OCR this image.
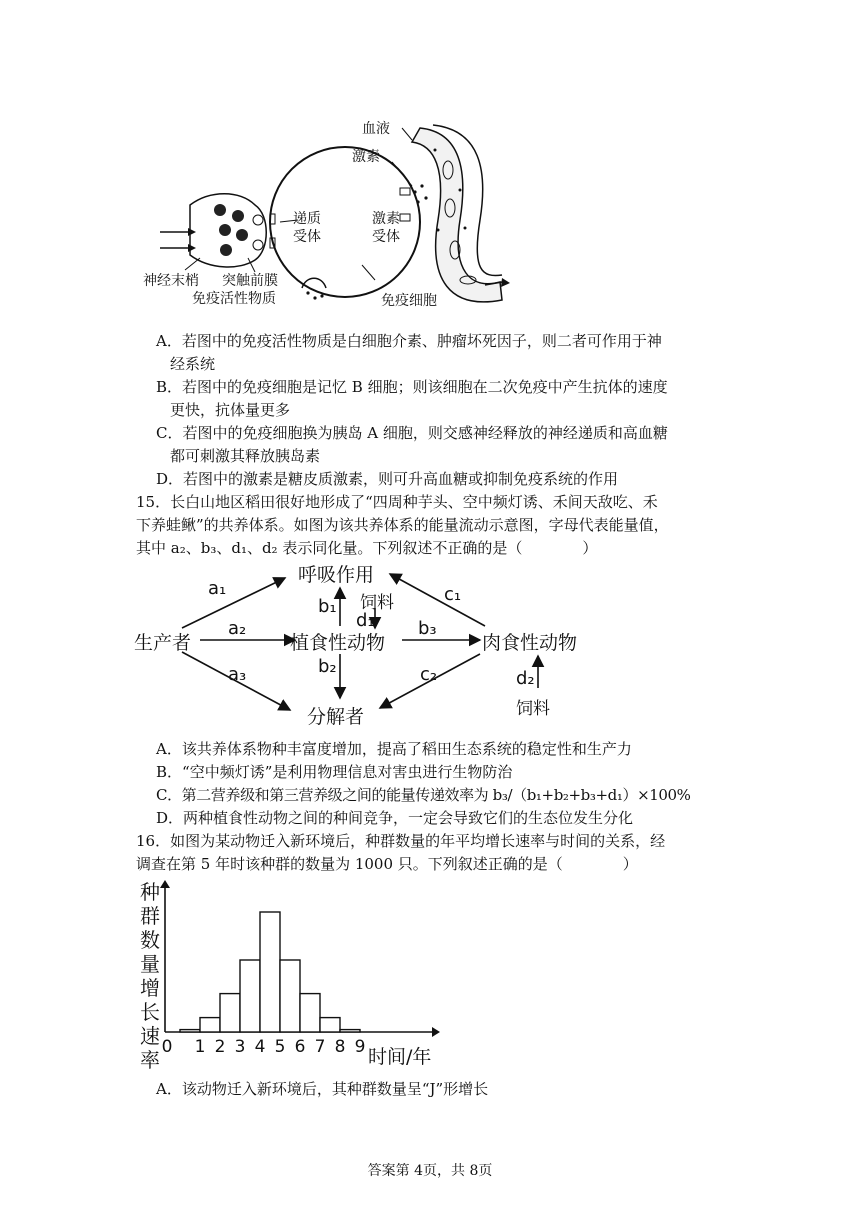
血液
激素
递质
受体
激素
受体
神经末梢 突触前膜
免疫活性物质	免疫细胞
A．若图中的免疫活性物质是白细胞介素、肿瘤坏死因子，则二者可作用于神
经系统
B．若图中的免疫细胞是记忆 B 细胞；则该细胞在二次免疫中产生抗体的速度
更快，抗体量更多
C．若图中的免疫细胞换为胰岛 A 细胞，则交感神经释放的神经递质和高血糖
都可刺激其释放胰岛素
D．若图中的激素是糖皮质激素，则可升高血糖或抑制免疫系统的作用
15．长白山地区稻田很好地形成了“四周种芋头、空中频灯诱、禾间天敌吃、禾
下养蛙鳅”的共养体系。如图为该共养体系的能量流动示意图，字母代表能量值，
其中 a₂、b₃、d₁、d₂ 表示同化量。下列叙述不正确的是（　　　　）
呼吸作用
生产者	植食性动物	肉食性动物
分解者
饲料
饲料
a₁
a₂
a₃
b₁
b₂
b₃
c₁
c₂
d₁
d₂
A．该共养体系物种丰富度增加，提高了稻田生态系统的稳定性和生产力
B．“空中频灯诱”是利用物理信息对害虫进行生物防治
C．第二营养级和第三营养级之间的能量传递效率为 b₃/（b₁+b₂+b₃+d₁）×100%
D．两种植食性动物之间的种间竞争，一定会导致它们的生态位发生分化
16．如图为某动物迁入新环境后，种群数量的年平均增长速率与时间的关系，经
调查在第 5 年时该种群的数量为 1000 只。下列叙述正确的是（　　　　）
种群数量增长速率
0 1 2 3 4 5 6 7 8 9 时间/年
A．该动物迁入新环境后，其种群数量呈“J”形增长
答案第 4页，共 8页
